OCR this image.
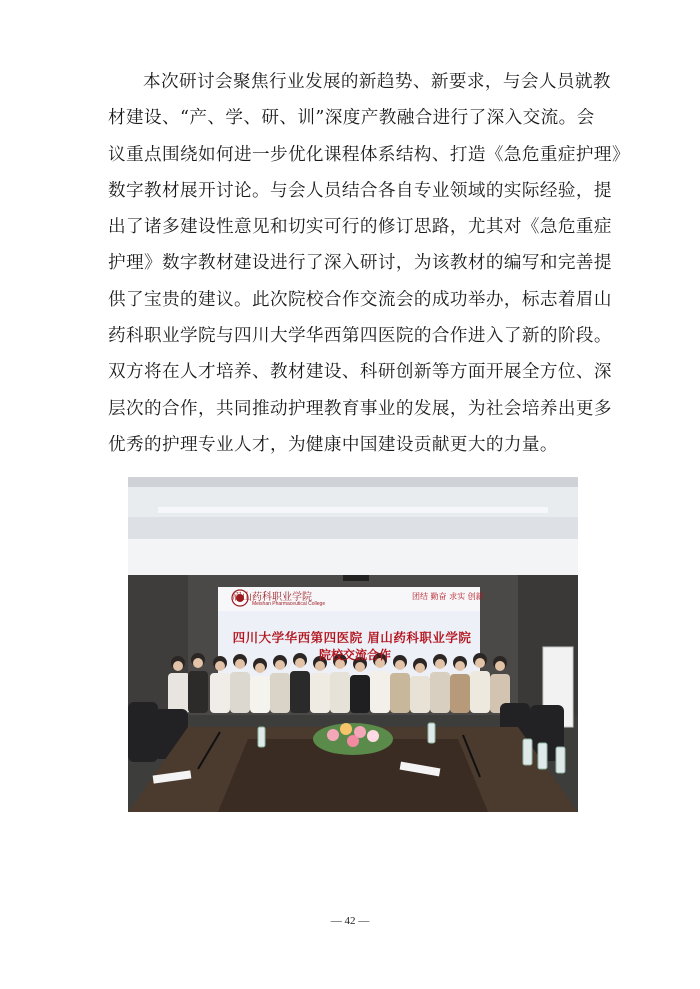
本次研讨会聚焦行业发展的新趋势、新要求，与会人员就教
材建设、“产、学、研、训”深度产教融合进行了深入交流。会
议重点围绕如何进一步优化课程体系结构、打造《急危重症护理》
数字教材展开讨论。与会人员结合各自专业领域的实际经验，提
出了诸多建设性意见和切实可行的修订思路，尤其对《急危重症
护理》数字教材建设进行了深入研讨，为该教材的编写和完善提
供了宝贵的建议。此次院校合作交流会的成功举办，标志着眉山
药科职业学院与四川大学华西第四医院的合作进入了新的阶段。
双方将在人才培养、教材建设、科研创新等方面开展全方位、深
层次的合作，共同推动护理教育事业的发展，为社会培养出更多
优秀的护理专业人才，为健康中国建设贡献更大的力量。
眉山药科职业学院
Meishan Pharmaceutical College
团结 勤奋 求实 创新
四川大学华西第四医院 眉山药科职业学院
院校交流合作
— 42 —
